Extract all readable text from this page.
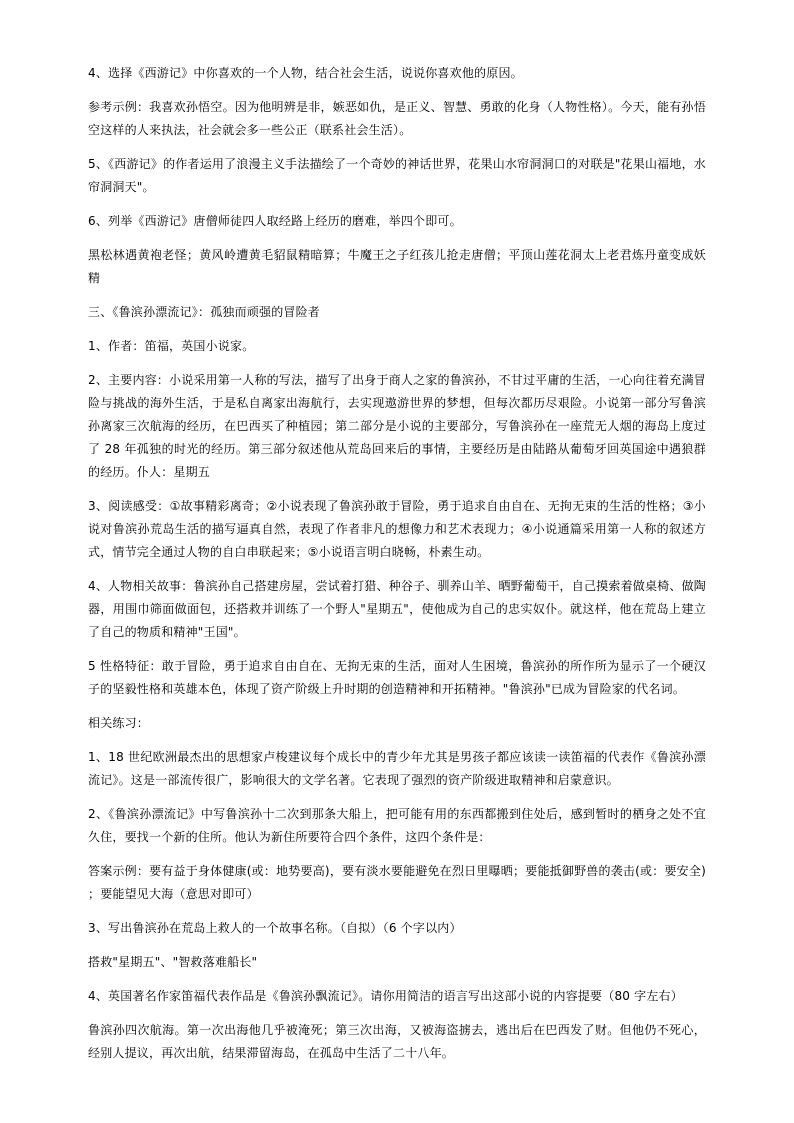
4、选择《西游记》中你喜欢的一个人物，结合社会生活，说说你喜欢他的原因。

参考示例：我喜欢孙悟空。因为他明辨是非，嫉恶如仇，是正义、智慧、勇敢的化身（人物性格）。今天，能有孙悟空这样的人来执法，社会就会多一些公正（联系社会生活）。

5、《西游记》的作者运用了浪漫主义手法描绘了一个奇妙的神话世界，花果山水帘洞洞口的对联是"花果山福地，水帘洞洞天"。

6、列举《西游记》唐僧师徒四人取经路上经历的磨难，举四个即可。

黑松林遇黄袍老怪；黄风岭遭黄毛貂鼠精暗算；牛魔王之子红孩儿抢走唐僧；平顶山莲花洞太上老君炼丹童变成妖精

三、《鲁滨孙漂流记》：孤独而顽强的冒险者

1、作者：笛福，英国小说家。

2、主要内容：小说采用第一人称的写法，描写了出身于商人之家的鲁滨孙，不甘过平庸的生活，一心向往着充满冒险与挑战的海外生活，于是私自离家出海航行，去实现遨游世界的梦想，但每次都历尽艰险。小说第一部分写鲁滨孙离家三次航海的经历，在巴西买了种植园；第二部分是小说的主要部分，写鲁滨孙在一座荒无人烟的海岛上度过了 28 年孤独的时光的经历。第三部分叙述他从荒岛回来后的事情，主要经历是由陆路从葡萄牙回英国途中遇狼群的经历。仆人：星期五

3、阅读感受：①故事精彩离奇；②小说表现了鲁滨孙敢于冒险，勇于追求自由自在、无拘无束的生活的性格；③小说对鲁滨孙荒岛生活的描写逼真自然，表现了作者非凡的想像力和艺术表现力；④小说通篇采用第一人称的叙述方式，情节完全通过人物的自白串联起来；⑤小说语言明白晓畅，朴素生动。

4、人物相关故事：鲁滨孙自己搭建房屋，尝试着打猎、种谷子、驯养山羊、晒野葡萄干，自己摸索着做桌椅、做陶器，用围巾筛面做面包，还搭救并训练了一个野人"星期五"，使他成为自己的忠实奴仆。就这样，他在荒岛上建立了自己的物质和精神"王国"。

5 性格特征：敢于冒险，勇于追求自由自在、无拘无束的生活，面对人生困境，鲁滨孙的所作所为显示了一个硬汉子的坚毅性格和英雄本色，体现了资产阶级上升时期的创造精神和开拓精神。"鲁滨孙"已成为冒险家的代名词。

相关练习：

1、18 世纪欧洲最杰出的思想家卢梭建议每个成长中的青少年尤其是男孩子都应该读一读笛福的代表作《鲁滨孙漂流记》。这是一部流传很广，影响很大的文学名著。它表现了强烈的资产阶级进取精神和启蒙意识。

2、《鲁滨孙漂流记》中写鲁滨孙十二次到那条大船上，把可能有用的东西都搬到住处后，感到暂时的栖身之处不宜久住，要找一个新的住所。他认为新住所要符合四个条件，这四个条件是：

答案示例：要有益于身体健康(或：地势要高)，要有淡水要能避免在烈日里曝晒；要能抵御野兽的袭击(或：要安全) ；要能望见大海（意思对即可）

3、写出鲁滨孙在荒岛上救人的一个故事名称。（自拟）（6 个字以内）

搭救"星期五"、"智救落难船长"

4、英国著名作家笛福代表作品是《鲁滨孙飘流记》。请你用简洁的语言写出这部小说的内容提要（80 字左右）

鲁滨孙四次航海。第一次出海他几乎被淹死；第三次出海，又被海盗掳去，逃出后在巴西发了财。但他仍不死心，经别人提议，再次出航，结果滞留海岛，在孤岛中生活了二十八年。
